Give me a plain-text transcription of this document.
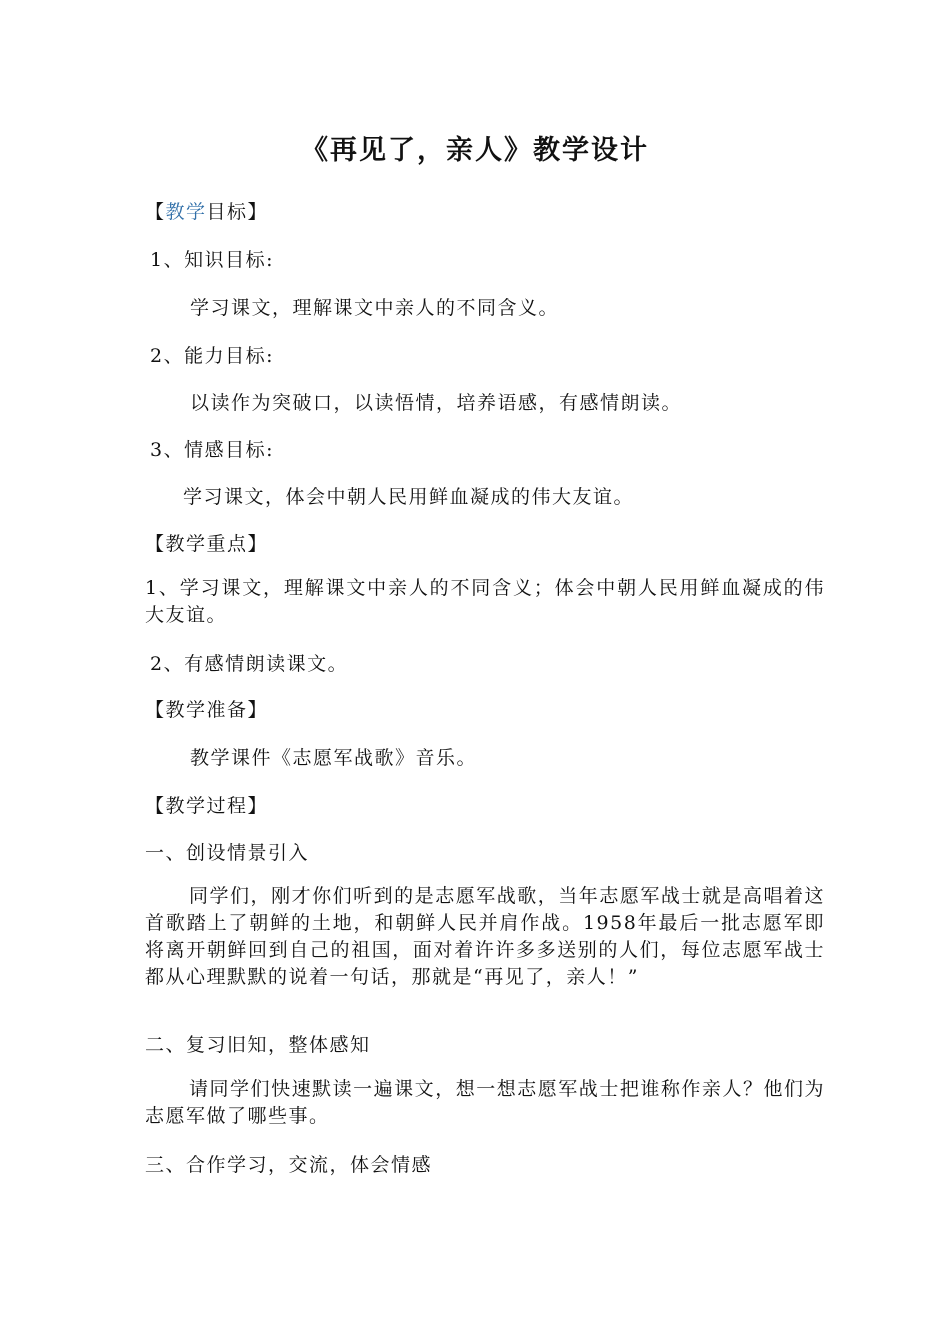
《再见了，亲人》教学设计
【教学目标】
1、知识目标:
学习课文，理解课文中亲人的不同含义。
2、能力目标:
以读作为突破口，以读悟情，培养语感，有感情朗读。
3、情感目标:
学习课文，体会中朝人民用鲜血凝成的伟大友谊。
【教学重点】
1、学习课文，理解课文中亲人的不同含义；体会中朝人民用鲜血凝成的伟大友谊。
2、有感情朗读课文。
【教学准备】
教学课件《志愿军战歌》音乐。
【教学过程】
一、创设情景引入
同学们，刚才你们听到的是志愿军战歌，当年志愿军战士就是高唱着这首歌踏上了朝鲜的土地，和朝鲜人民并肩作战。1958年最后一批志愿军即将离开朝鲜回到自己的祖国，面对着许许多多送别的人们，每位志愿军战士都从心理默默的说着一句话，那就是“再见了，亲人！”
二、复习旧知，整体感知
请同学们快速默读一遍课文，想一想志愿军战士把谁称作亲人？他们为志愿军做了哪些事。
三、合作学习，交流，体会情感
